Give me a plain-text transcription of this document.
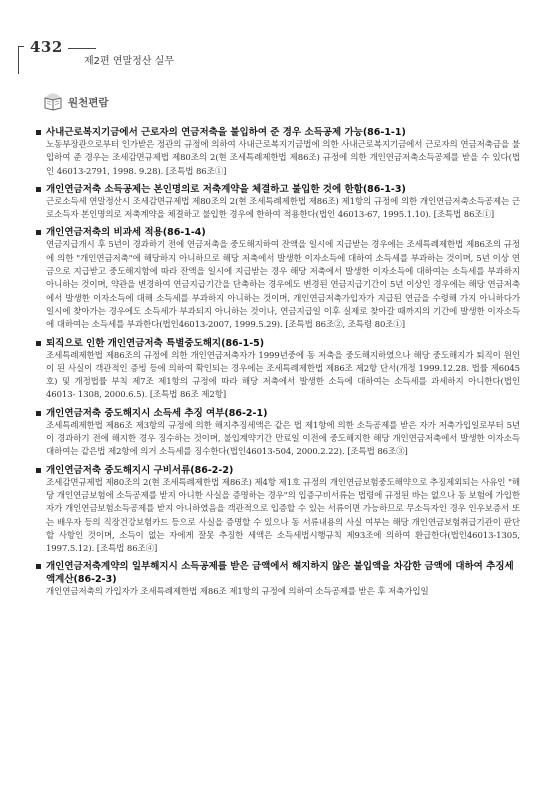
432
제2편 연말정산 실무
원천편람
사내근로복지기금에서 근로자의 연금저축을 불입하여 준 경우 소득공제 가능(86-1-1)
노동부장관으로부터 인가받은 정관의 규정에 의하여 사내근로복지기금법에 의한 사내근로복지기금에서 근로자의 연금저축금을 불입하여 준 경우는 조세감면규제법 제80조의 2(현 조세특례제한법 제86조) 규정에 의한 개인연금저축소득공제를 받을 수 있다(법인 46013-2791, 1998. 9.28). [조특법 86조①]
개인연금저축 소득공제는 본인명의로 저축계약을 체결하고 불입한 것에 한함(86-1-3)
근로소득세 연말정산시 조세감면규제법 제80조의 2(현 조세특례제한법 제86조) 제1항의 규정에 의한 개인연금저축소득공제는 근로소득자 본인명의로 저축계약을 체결하고 불입한 경우에 한하여 적용한다(법인 46013-67, 1995.1.10). [조특법 86조①]
개인연금저축의 비과세 적용(86-1-4)
연금지급개시 후 5년이 경과하기 전에 연금저축을 중도해지하여 잔액을 일시에 지급받는 경우에는 조세특례제한법 제86조의 규정에 의한 "개인연금저축"에 해당하지 아니하므로 해당 저축에서 발생한 이자소득에 대하여 소득세를 부과하는 것이며, 5년 이상 연금으로 지급받고 중도해지함에 따라 잔액을 일시에 지급받는 경우 해당 저축에서 발생한 이자소득에 대하여는 소득세를 부과하지 아니하는 것이며, 약관을 변경하여 연금지급기간을 단축하는 경우에도 변경된 연금지급기간이 5년 이상인 경우에는 해당 연금저축에서 발생한 이자소득에 대해 소득세를 부과하지 아니하는 것이며, 개인연금저축가입자가 지급된 연금을 수령해 가지 아니하다가 일시에 찾아가는 경우에도 소득세가 부과되지 아니하는 것이나, 연금지급일 이후 실제로 찾아갈 때까지의 기간에 발생한 이자소득에 대하여는 소득세를 부과한다(법인46013-2007, 1999.5.29). [조특법 86조②, 조특령 80조①]
퇴직으로 인한 개인연금저축 특별중도해지(86-1-5)
조세특례제한법 제86조의 규정에 의한 개인연금저축자가 1999년중에 동 저축을 중도해지하였으나 해당 중도해지가 퇴직이 원인이 된 사실이 객관적인 증빙 등에 의하여 확인되는 경우에는 조세특례제한법 제86조 제2항 단서(개정 1999.12.28. 법률 제6045호) 및 개정법률 부칙 제7조 제1항의 규정에 따라 해당 저축에서 발생한 소득에 대하여는 소득세를 과세하지 아니한다(법인46013- 1308, 2000.6.5). [조특법 86조 제2항]
개인연금저축 중도해지시 소득세 추징 여부(86-2-1)
조세특례제한법 제86조 제3항의 규정에 의한 해지추징세액은 같은 법 제1항에 의한 소득공제를 받은 자가 저축가입일로부터 5년이 경과하기 전에 해지한 경우 징수하는 것이며, 불입계약기간 만료일 이전에 중도해지한 해당 개인연금저축에서 발생한 이자소득 대하여는 같은법 제2항에 의거 소득세를 징수한다(법인46013-504, 2000.2.22). [조특법 86조③]
개인연금저축 중도해지시 구비서류(86-2-2)
조세감면규제법 제80조의 2(현 조세특례제한법 제86조) 제4항 제1호 규정의 개인연금보험중도해약으로 추징제외되는 사유인 "해당 개인연금보험에 소득공제를 받지 아니한 사실을 증명하는 경우"의 입증구비서류는 법령에 규정된 바는 없으나 동 보험에 가입한 자가 개인연금보험소득공제를 받지 아니하였음을 객관적으로 입증할 수 있는 서류이면 가능하므로 무소득자인 경우 인우보증서 또는 배우자 등의 직장건강보험카드 등으로 사실을 증명할 수 있으나 동 서류내용의 사실 여부는 해당 개인연금보험취급기관이 판단할 사항인 것이며, 소득이 없는 자에게 잘못 추징한 세액은 소득세법시행규칙 제93조에 의하여 환급한다(법인46013-1305, 1997.5.12). [조특법 86조④]
개인연금저축계약의 일부해지시 소득공제를 받은 금액에서 해지하지 않은 불입액을 차감한 금액에 대하여 추징세액계산(86-2-3)
개인연금저축의 가입자가 조세특례제한법 제86조 제1항의 규정에 의하여 소득공제를 받은 후 저축가입일
